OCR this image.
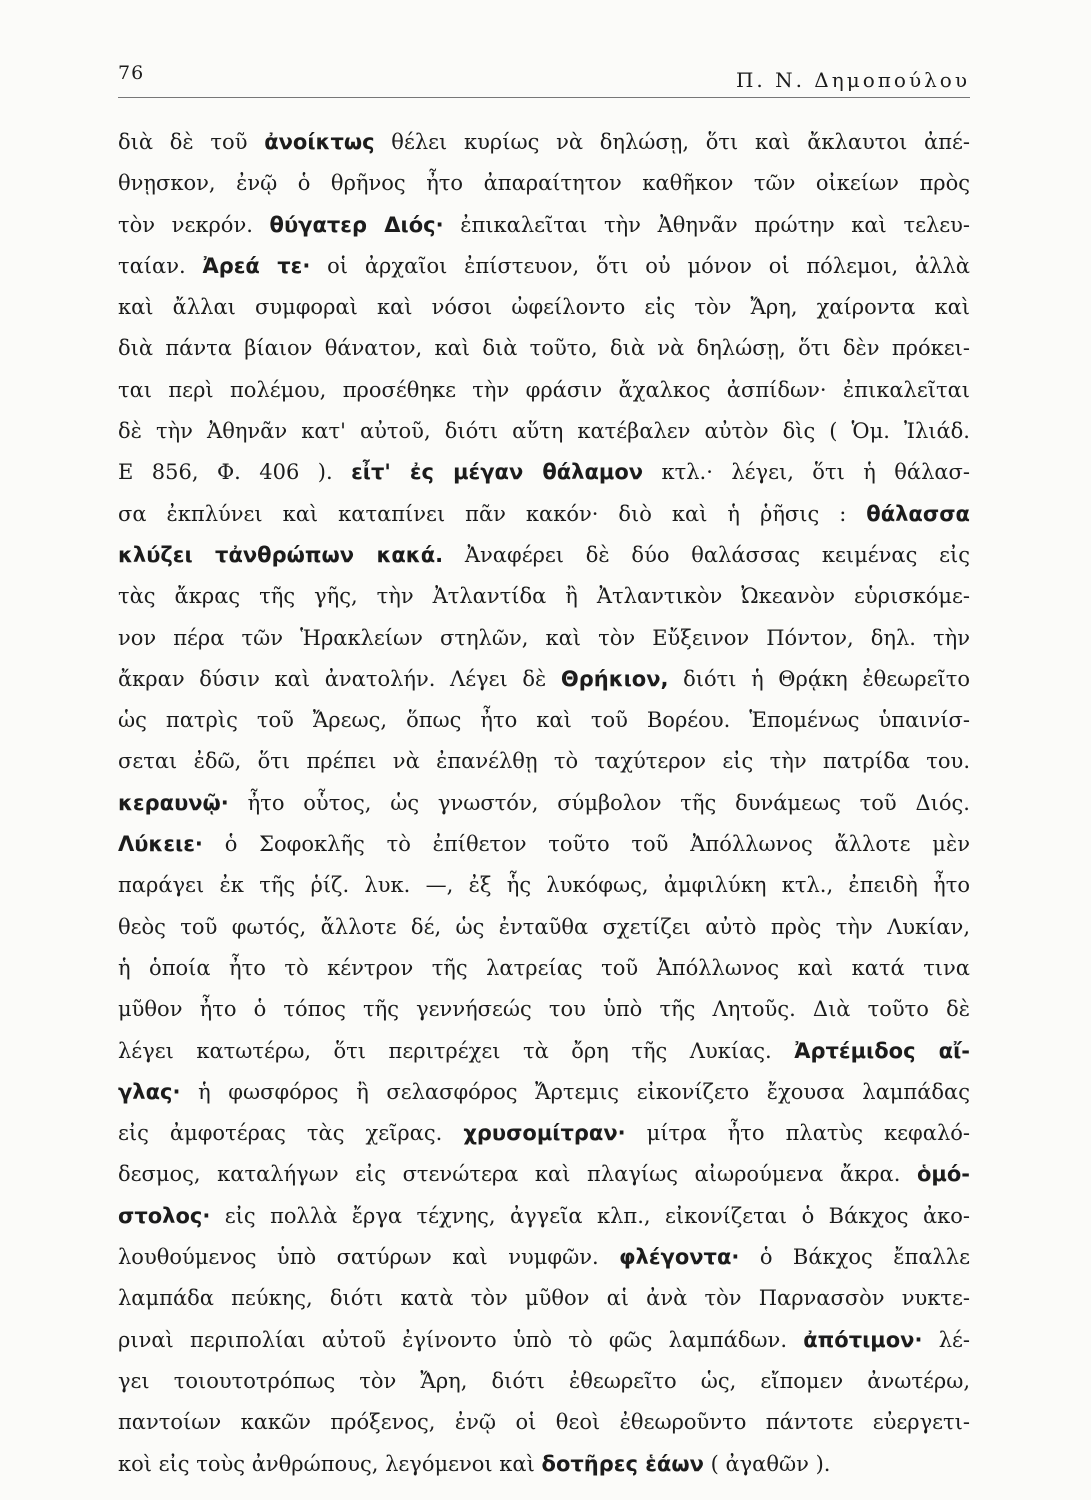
76	Π. Ν. Δημοπούλου
διὰ δὲ τοῦ ἀνοίκτως θέλει κυρίως νὰ δηλώσῃ, ὅτι καὶ ἄκλαυτοι ἀπέ-
θνῃσκον, ἐνῷ ὁ θρῆνος ἦτο ἀπαραίτητον καθῆκον τῶν οἰκείων πρὸς
τὸν νεκρόν. θύγατερ Διός· ἐπικαλεῖται τὴν Ἀθηνᾶν πρώτην καὶ τελευ-
ταίαν. Ἀρεά τε· οἱ ἀρχαῖοι ἐπίστευον, ὅτι οὐ μόνον οἱ πόλεμοι, ἀλλὰ
καὶ ἄλλαι συμφοραὶ καὶ νόσοι ὠφείλοντο εἰς τὸν Ἄρη, χαίροντα καὶ
διὰ πάντα βίαιον θάνατον, καὶ διὰ τοῦτο, διὰ νὰ δηλώσῃ, ὅτι δὲν πρόκει-
ται περὶ πολέμου, προσέθηκε τὴν φράσιν ἄχαλκος ἀσπίδων· ἐπικαλεῖται
δὲ τὴν Ἀθηνᾶν κατ' αὐτοῦ, διότι αὕτη κατέβαλεν αὐτὸν δὶς ( Ὁμ. Ἰλιάδ.
Ε 856, Φ. 406 ). εἶτ' ἐς μέγαν θάλαμον κτλ.· λέγει, ὅτι ἡ θάλασ-
σα ἐκπλύνει καὶ καταπίνει πᾶν κακόν· διὸ καὶ ἡ ῥῆσις : θάλασσα
κλύζει τἀνθρώπων κακά. Ἀναφέρει δὲ δύο θαλάσσας κειμένας εἰς
τὰς ἄκρας τῆς γῆς, τὴν Ἀτλαντίδα ἢ Ἀτλαντικὸν Ὠκεανὸν εὑρισκόμε-
νον πέρα τῶν Ἡρακλείων στηλῶν, καὶ τὸν Εὔξεινον Πόντον, δηλ. τὴν
ἄκραν δύσιν καὶ ἀνατολήν. Λέγει δὲ Θρήκιον, διότι ἡ Θρᾴκη ἐθεωρεῖτο
ὡς πατρὶς τοῦ Ἄρεως, ὅπως ἦτο καὶ τοῦ Βορέου. Ἑπομένως ὑπαινίσ-
σεται ἐδῶ, ὅτι πρέπει νὰ ἐπανέλθῃ τὸ ταχύτερον εἰς τὴν πατρίδα του.
κεραυνῷ· ἦτο οὗτος, ὡς γνωστόν, σύμβολον τῆς δυνάμεως τοῦ Διός.
Λύκειε· ὁ Σοφοκλῆς τὸ ἐπίθετον τοῦτο τοῦ Ἀπόλλωνος ἄλλοτε μὲν
παράγει ἐκ τῆς ῥίζ. λυκ. —, ἐξ ἧς λυκόφως, ἀμφιλύκη κτλ., ἐπειδὴ ἦτο
θεὸς τοῦ φωτός, ἄλλοτε δέ, ὡς ἐνταῦθα σχετίζει αὐτὸ πρὸς τὴν Λυκίαν,
ἡ ὁποία ἦτο τὸ κέντρον τῆς λατρείας τοῦ Ἀπόλλωνος καὶ κατά τινα
μῦθον ἦτο ὁ τόπος τῆς γεννήσεώς του ὑπὸ τῆς Λητοῦς. Διὰ τοῦτο δὲ
λέγει κατωτέρω, ὅτι περιτρέχει τὰ ὄρη τῆς Λυκίας. Ἀρτέμιδος αἴ-
γλας· ἡ φωσφόρος ἢ σελασφόρος Ἄρτεμις εἰκονίζετο ἔχουσα λαμπάδας
εἰς ἀμφοτέρας τὰς χεῖρας. χρυσομίτραν· μίτρα ἦτο πλατὺς κεφαλό-
δεσμος, καταλήγων εἰς στενώτερα καὶ πλαγίως αἰωρούμενα ἄκρα. ὁμό-
στολος· εἰς πολλὰ ἔργα τέχνης, ἀγγεῖα κλπ., εἰκονίζεται ὁ Βάκχος ἀκο-
λουθούμενος ὑπὸ σατύρων καὶ νυμφῶν. φλέγοντα· ὁ Βάκχος ἔπαλλε
λαμπάδα πεύκης, διότι κατὰ τὸν μῦθον αἱ ἀνὰ τὸν Παρνασσὸν νυκτε-
ριναὶ περιπολίαι αὐτοῦ ἐγίνοντο ὑπὸ τὸ φῶς λαμπάδων. ἀπότιμον· λέ-
γει τοιουτοτρόπως τὸν Ἄρη, διότι ἐθεωρεῖτο ὡς, εἴπομεν ἀνωτέρω,
παντοίων κακῶν πρόξενος, ἐνῷ οἱ θεοὶ ἐθεωροῦντο πάντοτε εὐεργετι-
κοὶ εἰς τοὺς ἀνθρώπους, λεγόμενοι καὶ δοτῆρες ἑάων ( ἀγαθῶν ).
